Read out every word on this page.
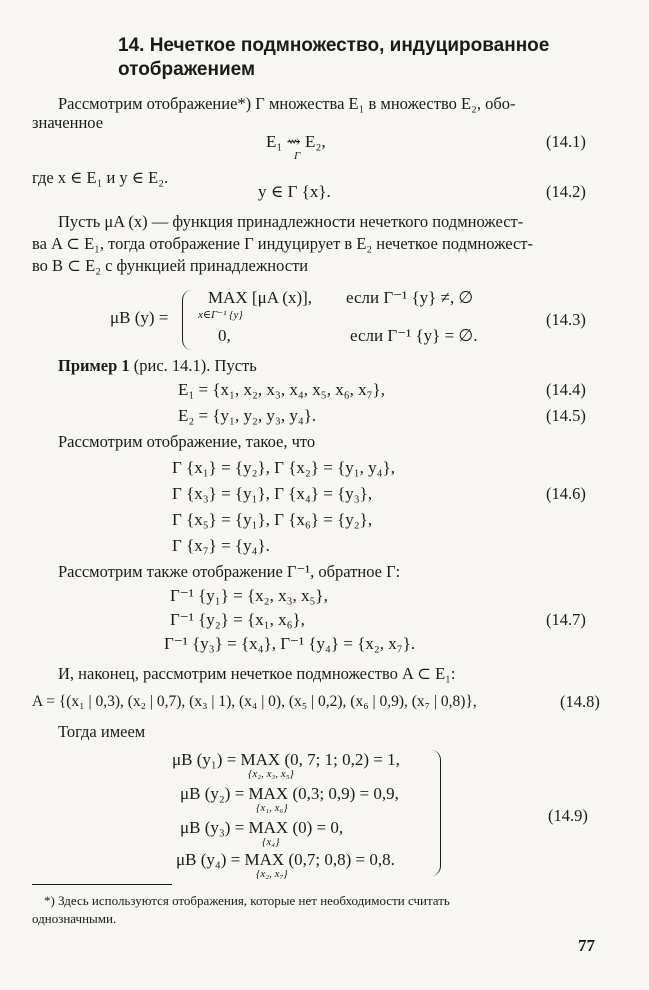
14. Нечеткое подмножество, индуцированное отображением
Рассмотрим отображение*) Г множества E₁ в множество E₂, обо-
значенное
E₁ ⇝ E₂,
Г
(14.1)
где x ∈ E₁ и y ∈ E₂.
y ∈ Г {x}.	(14.2)
Пусть μA (x) — функция принадлежности нечеткого подмножест-
ва A ⊂ E₁, тогда отображение Г индуцирует в E₂ нечеткое подмножест-
во B ⊂ E₂ с функцией принадлежности
μB (y) =
MAX [μA (x)],
x∈Г⁻¹ {y}
если Г⁻¹ {y} ≠, ∅
0,	если Г⁻¹ {y} = ∅.
(14.3)
Пример 1 (рис. 14.1). Пусть
E₁ = {x₁, x₂, x₃, x₄, x₅, x₆, x₇},	(14.4)
E₂ = {y₁, y₂, y₃, y₄}.	(14.5)
Рассмотрим отображение, такое, что
Г {x₁} = {y₂}, Г {x₂} = {y₁, y₄},
Г {x₃} = {y₁}, Г {x₄} = {y₃},	(14.6)
Г {x₅} = {y₁}, Г {x₆} = {y₂},
Г {x₇} = {y₄}.
Рассмотрим также отображение Г⁻¹, обратное Г:
Г⁻¹ {y₁} = {x₂, x₃, x₅},
Г⁻¹ {y₂} = {x₁, x₆},	(14.7)
Г⁻¹ {y₃} = {x₄}, Г⁻¹ {y₄} = {x₂, x₇}.
И, наконец, рассмотрим нечеткое подмножество A ⊂ E₁:
A = {(x₁ | 0,3), (x₂ | 0,7), (x₃ | 1), (x₄ | 0), (x₅ | 0,2), (x₆ | 0,9), (x₇ | 0,8)},	(14.8)
Тогда имеем
μB (y₁) = MAX (0, 7; 1; 0,2) = 1,
{x₂, x₃, x₅}
μB (y₂) = MAX (0,3; 0,9) = 0,9,
{x₁, x₆}	(14.9)
μB (y₃) = MAX (0) = 0,
{x₄}
μB (y₄) = MAX (0,7; 0,8) = 0,8.
{x₂, x₇}
*) Здесь используются отображения, которые нет необходимости считать
однозначными.
77
